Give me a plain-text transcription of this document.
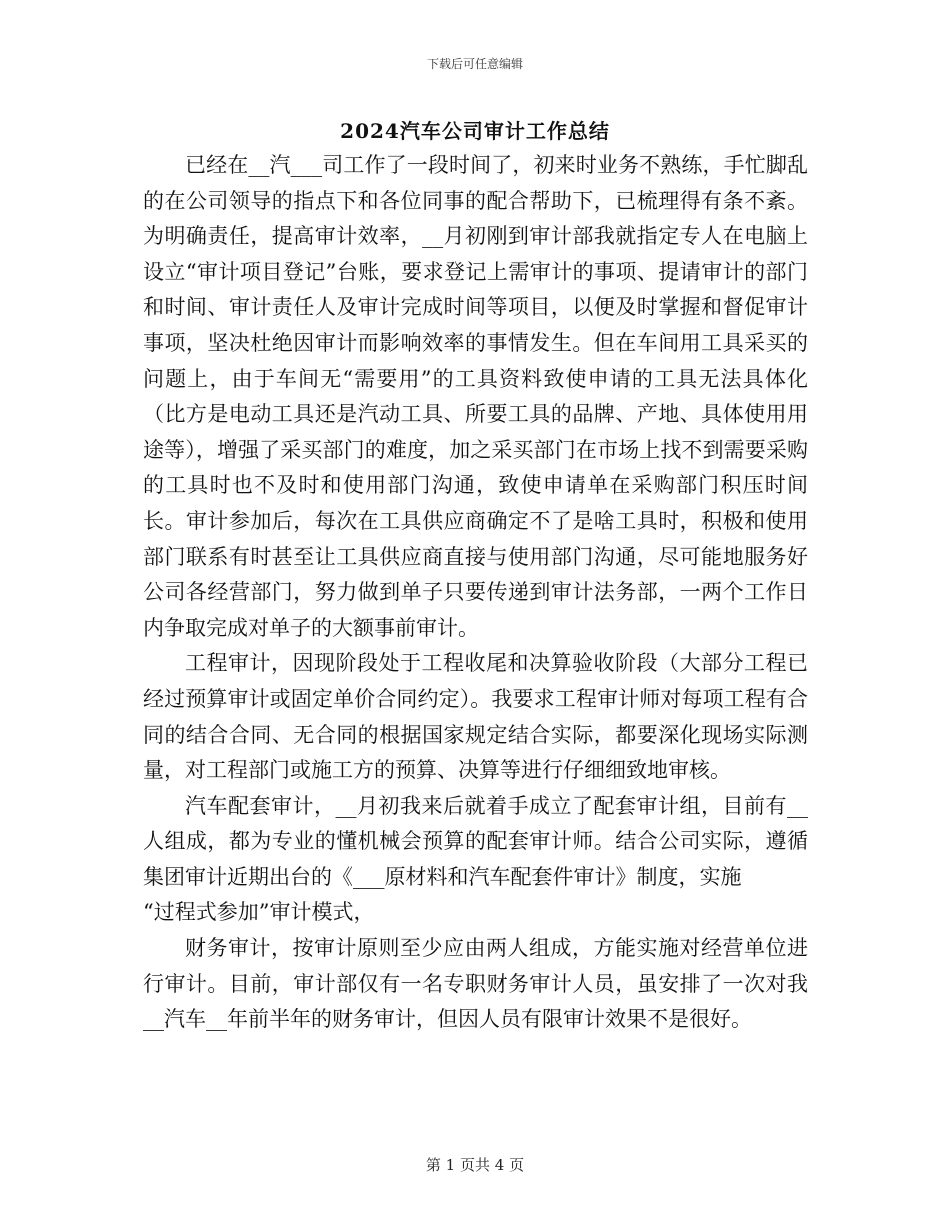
下载后可任意编辑
2024汽车公司审计工作总结

已经在__汽___司工作了一段时间了，初来时业务不熟练，手忙脚乱的在公司领导的指点下和各位同事的配合帮助下，已梳理得有条不紊。为明确责任，提高审计效率，__月初刚到审计部我就指定专人在电脑上设立“审计项目登记”台账，要求登记上需审计的事项、提请审计的部门和时间、审计责任人及审计完成时间等项目，以便及时掌握和督促审计事项，坚决杜绝因审计而影响效率的事情发生。但在车间用工具采买的问题上，由于车间无“需要用”的工具资料致使申请的工具无法具体化（比方是电动工具还是汽动工具、所要工具的品牌、产地、具体使用用途等），增强了采买部门的难度，加之采买部门在市场上找不到需要采购的工具时也不及时和使用部门沟通，致使申请单在采购部门积压时间长。审计参加后，每次在工具供应商确定不了是啥工具时，积极和使用部门联系有时甚至让工具供应商直接与使用部门沟通，尽可能地服务好公司各经营部门，努力做到单子只要传递到审计法务部，一两个工作日内争取完成对单子的大额事前审计。

工程审计，因现阶段处于工程收尾和决算验收阶段（大部分工程已经过预算审计或固定单价合同约定）。我要求工程审计师对每项工程有合同的结合合同、无合同的根据国家规定结合实际，都要深化现场实际测量，对工程部门或施工方的预算、决算等进行仔细细致地审核。

汽车配套审计，__月初我来后就着手成立了配套审计组，目前有__人组成，都为专业的懂机械会预算的配套审计师。结合公司实际，遵循集团审计近期出台的《___原材料和汽车配套件审计》制度，实施

“过程式参加”审计模式，

财务审计，按审计原则至少应由两人组成，方能实施对经营单位进行审计。目前，审计部仅有一名专职财务审计人员，虽安排了一次对我__汽车__年前半年的财务审计，但因人员有限审计效果不是很好。

第 1 页共 4 页
